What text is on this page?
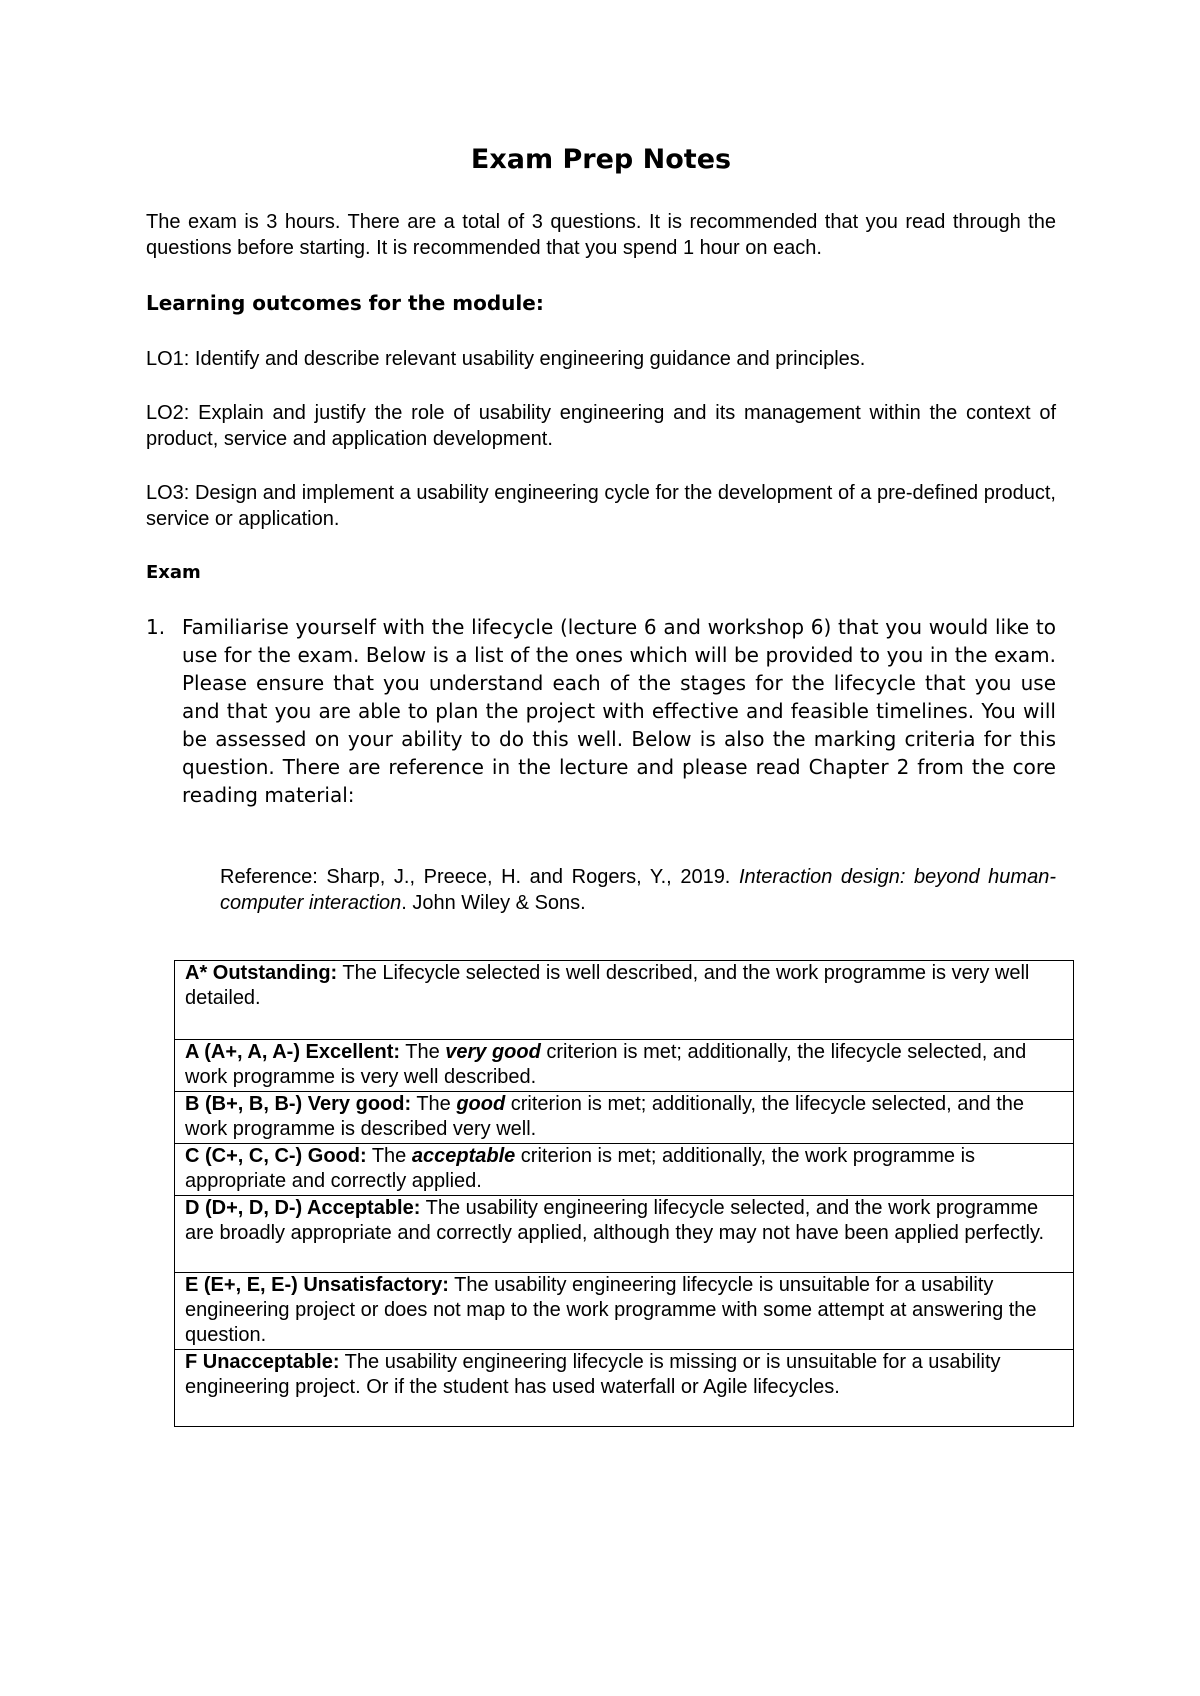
Exam Prep Notes

The exam is 3 hours. There are a total of 3 questions. It is recommended that you read through the questions before starting. It is recommended that you spend 1 hour on each.

Learning outcomes for the module:

LO1: Identify and describe relevant usability engineering guidance and principles.

LO2: Explain and justify the role of usability engineering and its management within the context of product, service and application development.

LO3: Design and implement a usability engineering cycle for the development of a pre-defined product, service or application.

Exam
1. Familiarise yourself with the lifecycle (lecture 6 and workshop 6) that you would like to use for the exam. Below is a list of the ones which will be provided to you in the exam. Please ensure that you understand each of the stages for the lifecycle that you use and that you are able to plan the project with effective and feasible timelines. You will be assessed on your ability to do this well. Below is also the marking criteria for this question. There are reference in the lecture and please read Chapter 2 from the core reading material:

Reference: Sharp, J., Preece, H. and Rogers, Y., 2019. Interaction design: beyond human-computer interaction. John Wiley & Sons.

A* Outstanding: The Lifecycle selected is well described, and the work programme is very well detailed.
A (A+, A, A-) Excellent: The very good criterion is met; additionally, the lifecycle selected, and work programme is very well described.
B (B+, B, B-) Very good: The good criterion is met; additionally, the lifecycle selected, and the work programme is described very well.
C (C+, C, C-) Good: The acceptable criterion is met; additionally, the work programme is appropriate and correctly applied.
D (D+, D, D-) Acceptable: The usability engineering lifecycle selected, and the work programme are broadly appropriate and correctly applied, although they may not have been applied perfectly.
E (E+, E, E-) Unsatisfactory: The usability engineering lifecycle is unsuitable for a usability engineering project or does not map to the work programme with some attempt at answering the question.
F Unacceptable: The usability engineering lifecycle is missing or is unsuitable for a usability engineering project. Or if the student has used waterfall or Agile lifecycles.
